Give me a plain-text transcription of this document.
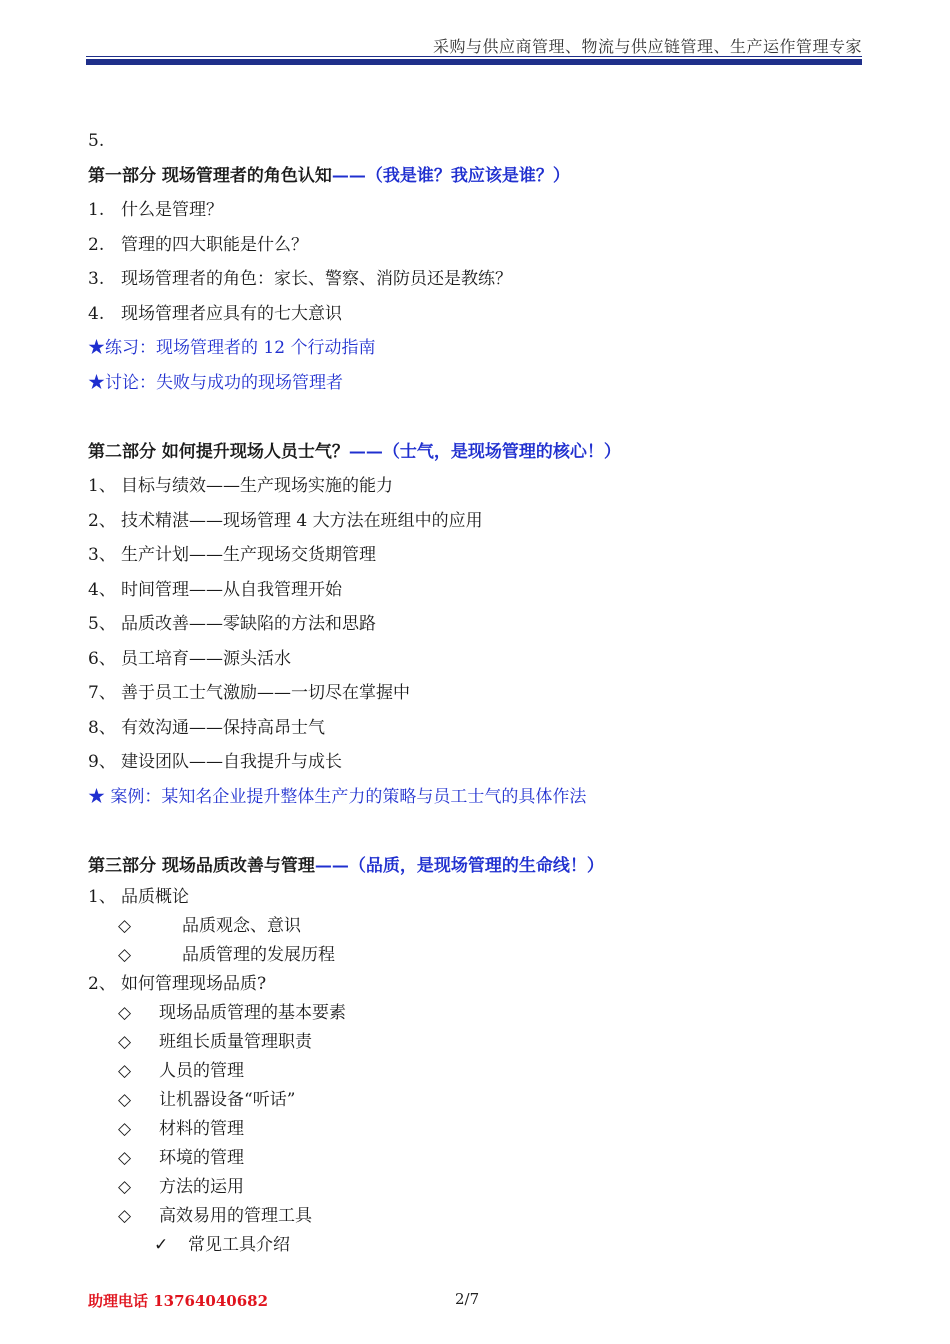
采购与供应商管理、物流与供应链管理、生产运作管理专家
5.
第一部分 现场管理者的角色认知——（我是谁？我应该是谁？）
1. 什么是管理？
2. 管理的四大职能是什么？
3. 现场管理者的角色：家长、警察、消防员还是教练？
4. 现场管理者应具有的七大意识
★练习：现场管理者的 12 个行动指南
★讨论：失败与成功的现场管理者
第二部分 如何提升现场人员士气？——（士气，是现场管理的核心！）
1、 目标与绩效——生产现场实施的能力
2、 技术精湛——现场管理 4 大方法在班组中的应用
3、 生产计划——生产现场交货期管理
4、 时间管理——从自我管理开始
5、 品质改善——零缺陷的方法和思路
6、 员工培育——源头活水
7、 善于员工士气激励——一切尽在掌握中
8、 有效沟通——保持高昂士气
9、 建设团队——自我提升与成长
★ 案例：某知名企业提升整体生产力的策略与员工士气的具体作法
第三部分 现场品质改善与管理——（品质，是现场管理的生命线！）
1、 品质概论
◇	品质观念、意识
◇	品质管理的发展历程
2、 如何管理现场品质?
◇ 现场品质管理的基本要素
◇ 班组长质量管理职责
◇ 人员的管理
◇ 让机器设备“听话”
◇ 材料的管理
◇ 环境的管理
◇ 方法的运用
◇ 高效易用的管理工具
✓ 常见工具介绍
助理电话 13764040682	2/7
